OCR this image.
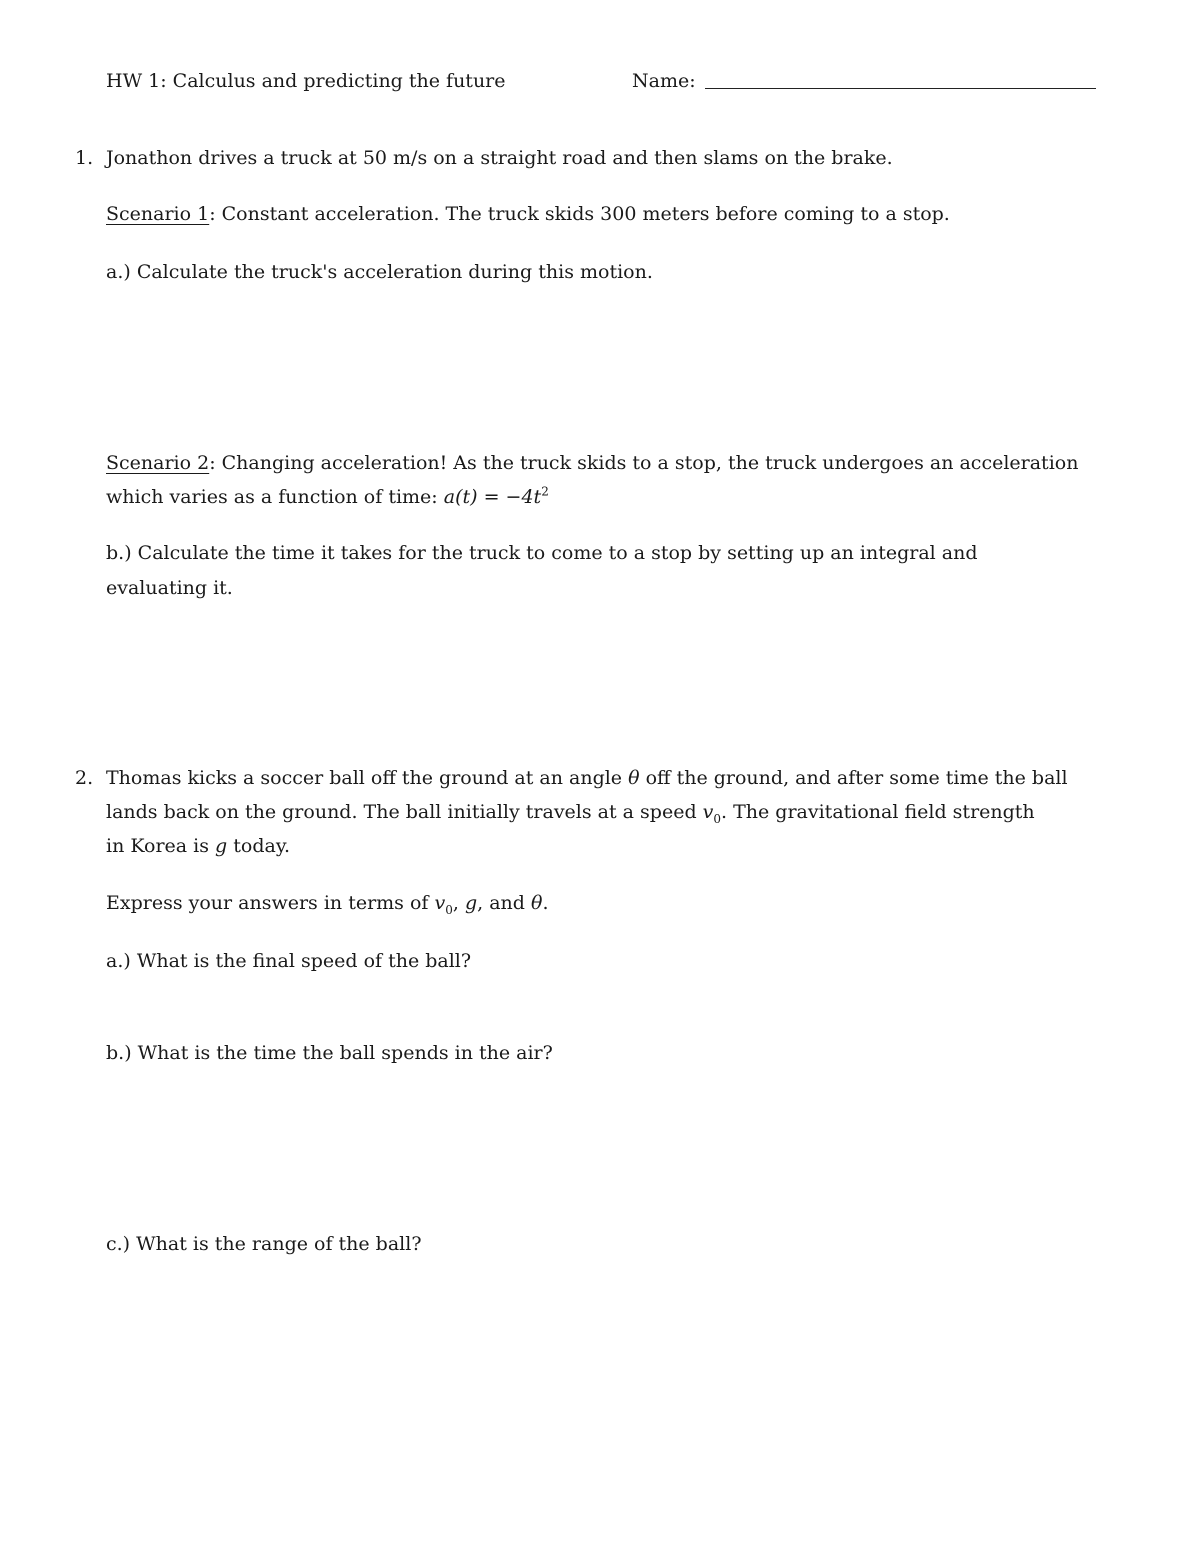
HW 1: Calculus and predicting the future	Name:
1. Jonathon drives a truck at 50 m/s on a straight road and then slams on the brake.
Scenario 1: Constant acceleration. The truck skids 300 meters before coming to a stop.
a.) Calculate the truck's acceleration during this motion.
Scenario 2: Changing acceleration! As the truck skids to a stop, the truck undergoes an acceleration
which varies as a function of time: $a(t) = -4t^2$
b.) Calculate the time it takes for the truck to come to a stop by setting up an integral and
evaluating it.
2. Thomas kicks a soccer ball off the ground at an angle θ off the ground, and after some time the ball
lands back on the ground. The ball initially travels at a speed $v_0$. The gravitational field strength
in Korea is g today.
Express your answers in terms of $v_0$, g, and θ.
a.) What is the final speed of the ball?
b.) What is the time the ball spends in the air?
c.) What is the range of the ball?
